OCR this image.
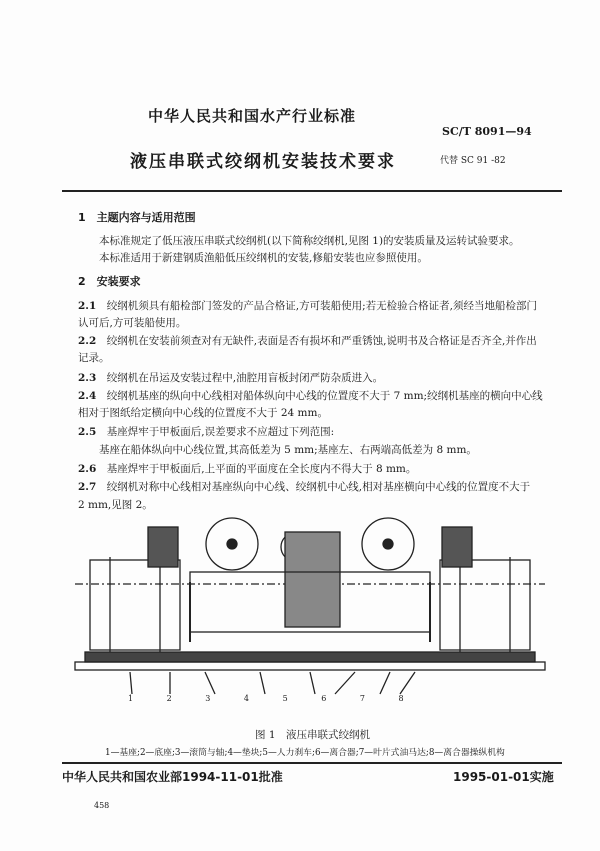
中华人民共和国水产行业标准
SC/T 8091—94
液压串联式绞纲机安装技术要求	代替 SC 91 -82
1　 主题内容与适用范围
本标准规定了低压液压串联式绞纲机(以下简称绞纲机,见图 1)的安装质量及运转试验要求。
本标准适用于新建钢质渔船低压绞纲机的安装,修船安装也应参照使用。
2　 安装要求
2.1　 绞纲机须具有船检部门签发的产品合格证,方可装船使用;若无检验合格证者,须经当地船检部门
认可后,方可装船使用。
2.2　 绞纲机在安装前须查对有无缺件,表面是否有损坏和严重锈蚀,说明书及合格证是否齐全,并作出
记录。
2.3　 绞纲机在吊运及安装过程中,油腔用盲板封闭严防杂质进入。
2.4　 绞纲机基座的纵向中心线相对船体纵向中心线的位置度不大于 7 mm;绞纲机基座的横向中心线
相对于图纸给定横向中心线的位置度不大于 24 mm。
2.5　 基座焊牢于甲板面后,误差要求不应超过下列范围:
基座在船体纵向中心线位置,其高低差为 5 mm;基座左、右两端高低差为 8 mm。
2.6　 基座焊牢于甲板面后,上平面的平面度在全长度内不得大于 8 mm。
2.7　 绞纲机对称中心线相对基座纵向中心线、绞纲机中心线,相对基座横向中心线的位置度不大于
2 mm,见图 2。
1	2	3	4	5	6	7	8
图 1　液压串联式绞纲机
1—基座;2—底座;3—滚筒与轴;4—垫块;5—人力刹车;6—离合器;7—叶片式油马达;8—离合器操纵机构
中华人民共和国农业部1994-11-01批准	1995-01-01实施
458
